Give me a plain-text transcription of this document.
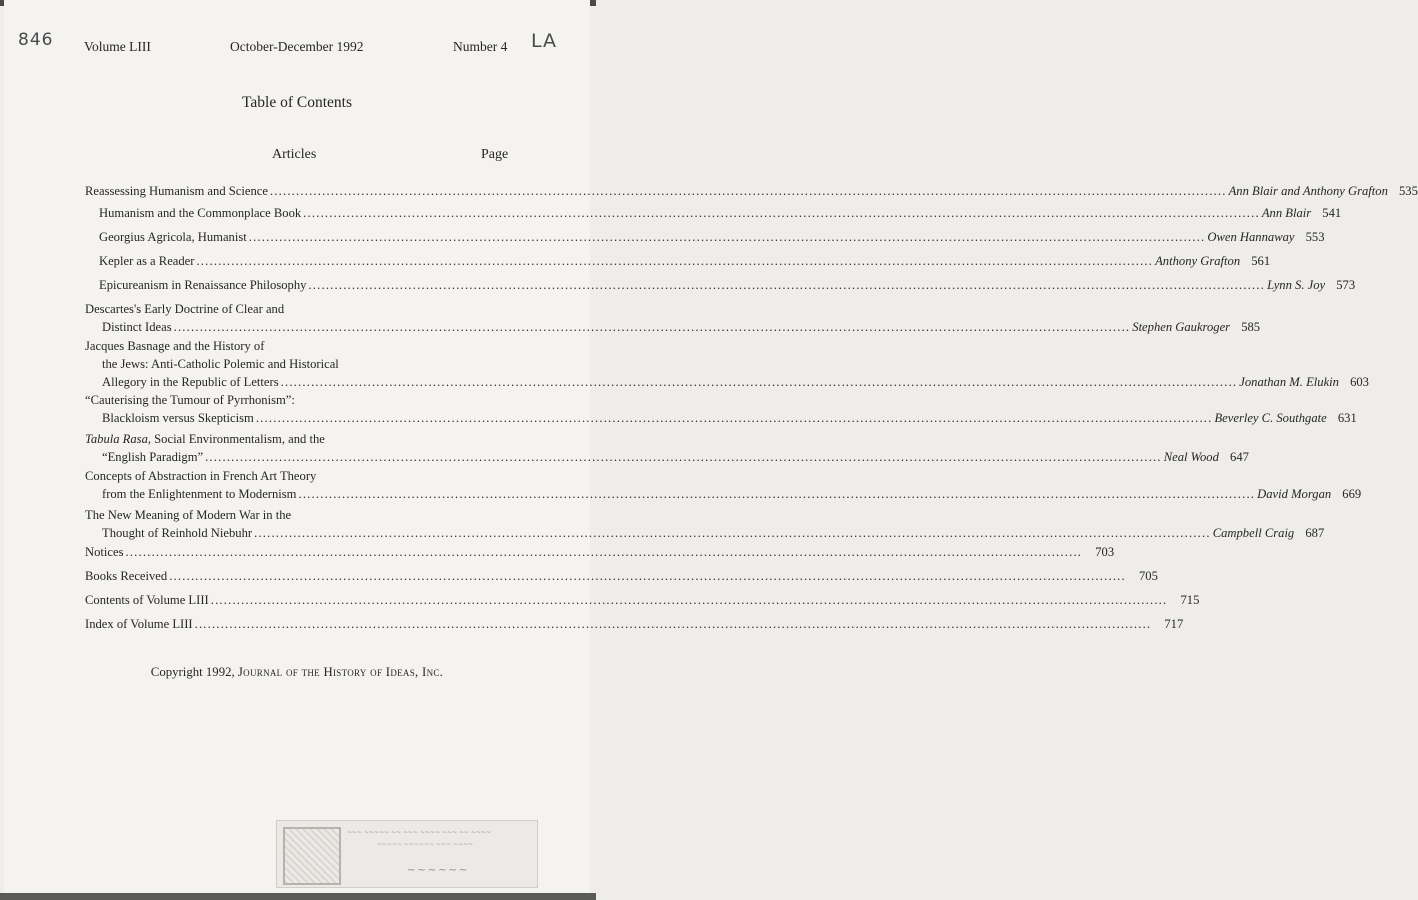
846	LA
Volume LIII	October-December 1992	Number 4
Table of Contents
Articles	Page
Reassessing Humanism and Science ............................................................................................................................................................................................................................ Ann Blair and Anthony Grafton 535
Humanism and the Commonplace Book ............................................................................................................................................................................................................................ Ann Blair 541
Georgius Agricola, Humanist ............................................................................................................................................................................................................................ Owen Hannaway 553
Kepler as a Reader ............................................................................................................................................................................................................................ Anthony Grafton 561
Epicureanism in Renaissance Philosophy ............................................................................................................................................................................................................................ Lynn S. Joy 573
Descartes's Early Doctrine of Clear and
Distinct Ideas ............................................................................................................................................................................................................................ Stephen Gaukroger 585
Jacques Basnage and the History of
the Jews: Anti-Catholic Polemic and Historical
Allegory in the Republic of Letters ............................................................................................................................................................................................................................ Jonathan M. Elukin 603
“Cauterising the Tumour of Pyrrhonism”:
Blackloism versus Skepticism ............................................................................................................................................................................................................................ Beverley C. Southgate 631
Tabula Rasa, Social Environmentalism, and the
“English Paradigm” ............................................................................................................................................................................................................................ Neal Wood 647
Concepts of Abstraction in French Art Theory
from the Enlightenment to Modernism ............................................................................................................................................................................................................................ David Morgan 669
The New Meaning of Modern War in the
Thought of Reinhold Niebuhr ............................................................................................................................................................................................................................ Campbell Craig 687
Notices ............................................................................................................................................................................................................................	703
Books Received ............................................................................................................................................................................................................................	705
Contents of Volume LIII ............................................................................................................................................................................................................................	715
Index of Volume LIII ............................................................................................................................................................................................................................	717
Copyright 1992, Journal of the History of Ideas, Inc.
~~~ ~~~~~ ~~ ~~~ ~~~~ ~~~ ~~ ~~~~
~~~~~ ~~~~~~ ~~~ ~~~~
~~~~~~
